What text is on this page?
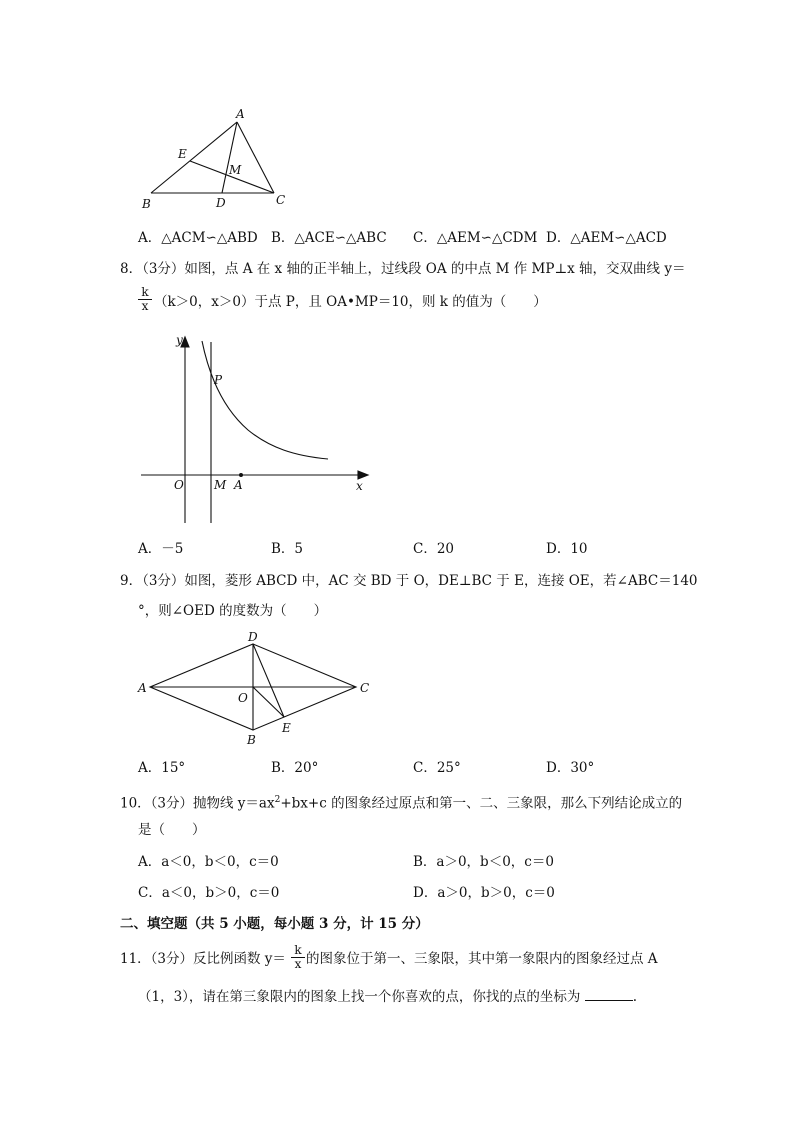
A
E
M
B	D	C
A．△ACM∽△ABD B．△ACE∽△ABC C．△AEM∽△CDM D．△AEM∽△ACD
8．（3分）如图，点 A 在 x 轴的正半轴上，过线段 OA 的中点 M 作 MP⊥x 轴，交双曲线 y＝
$\frac{k}{x} (k>0$，x＞0）于点 P，且 OA•MP＝10，则 k 的值为（　　）
y
P
O	M A	x
A．－5	B．5	C．20	D．10
9．（3分）如图，菱形 ABCD 中，AC 交 BD 于 O，DE⊥BC 于 E，连接 OE，若∠ABC＝140
°，则∠OED 的度数为（　　）
D
A
O
C
B
E
A．15°	B．20°	C．25°	D．30°
10．（3分）抛物线 $y=ax^2+bx+c$ 的图象经过原点和第一、二、三象限，那么下列结论成立的
是（　　）
A．a＜0，b＜0，c＝0	B．a＞0，b＜0，c＝0
C．a＜0，b＞0，c＝0	D．a＞0，b＞0，c＝0
二、填空题（共 5 小题，每小题 3 分，计 15 分）
11．（3分）反比例函数 $y= \frac{k}{x}$ 的图象位于第一、三象限，其中第一象限内的图象经过点 A
（1，3），请在第三象限内的图象上找一个你喜欢的点，你找的点的坐标为	.
